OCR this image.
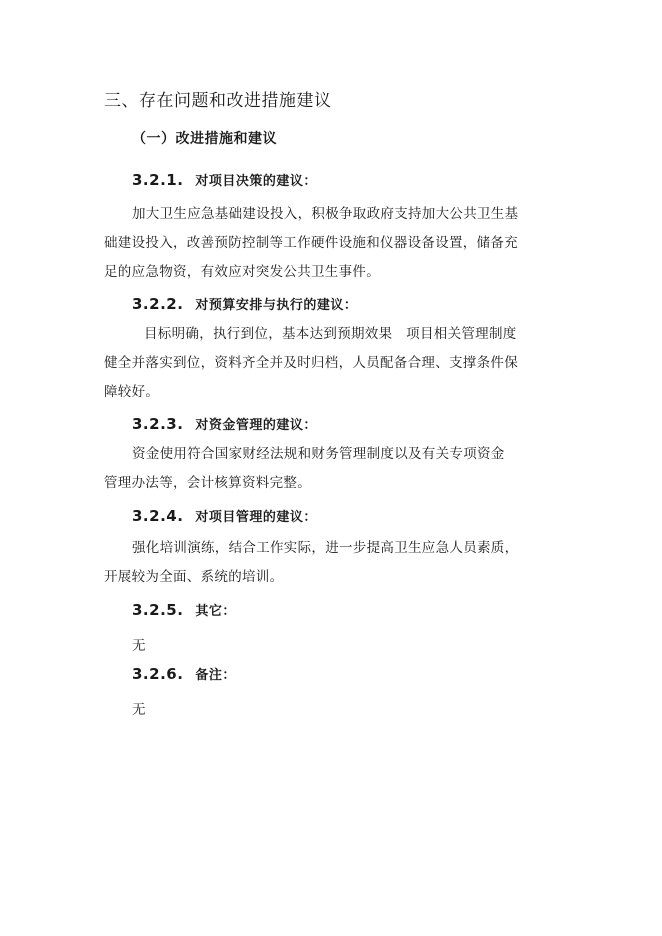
三、存在问题和改进措施建议
（一）改进措施和建议
3.2.1. 对项目决策的建议：
加大卫生应急基础建设投入，积极争取政府支持加大公共卫生基
础建设投入，改善预防控制等工作硬件设施和仪器设备设置，储备充
足的应急物资，有效应对突发公共卫生事件。
3.2.2. 对预算安排与执行的建议：
目标明确，执行到位，基本达到预期效果   项目相关管理制度
健全并落实到位，资料齐全并及时归档，人员配备合理、支撑条件保
障较好。
3.2.3. 对资金管理的建议：
资金使用符合国家财经法规和财务管理制度以及有关专项资金
管理办法等，会计核算资料完整。
3.2.4. 对项目管理的建议：
强化培训演练，结合工作实际，进一步提高卫生应急人员素质，
开展较为全面、系统的培训。
3.2.5. 其它：
无
3.2.6. 备注：
无
